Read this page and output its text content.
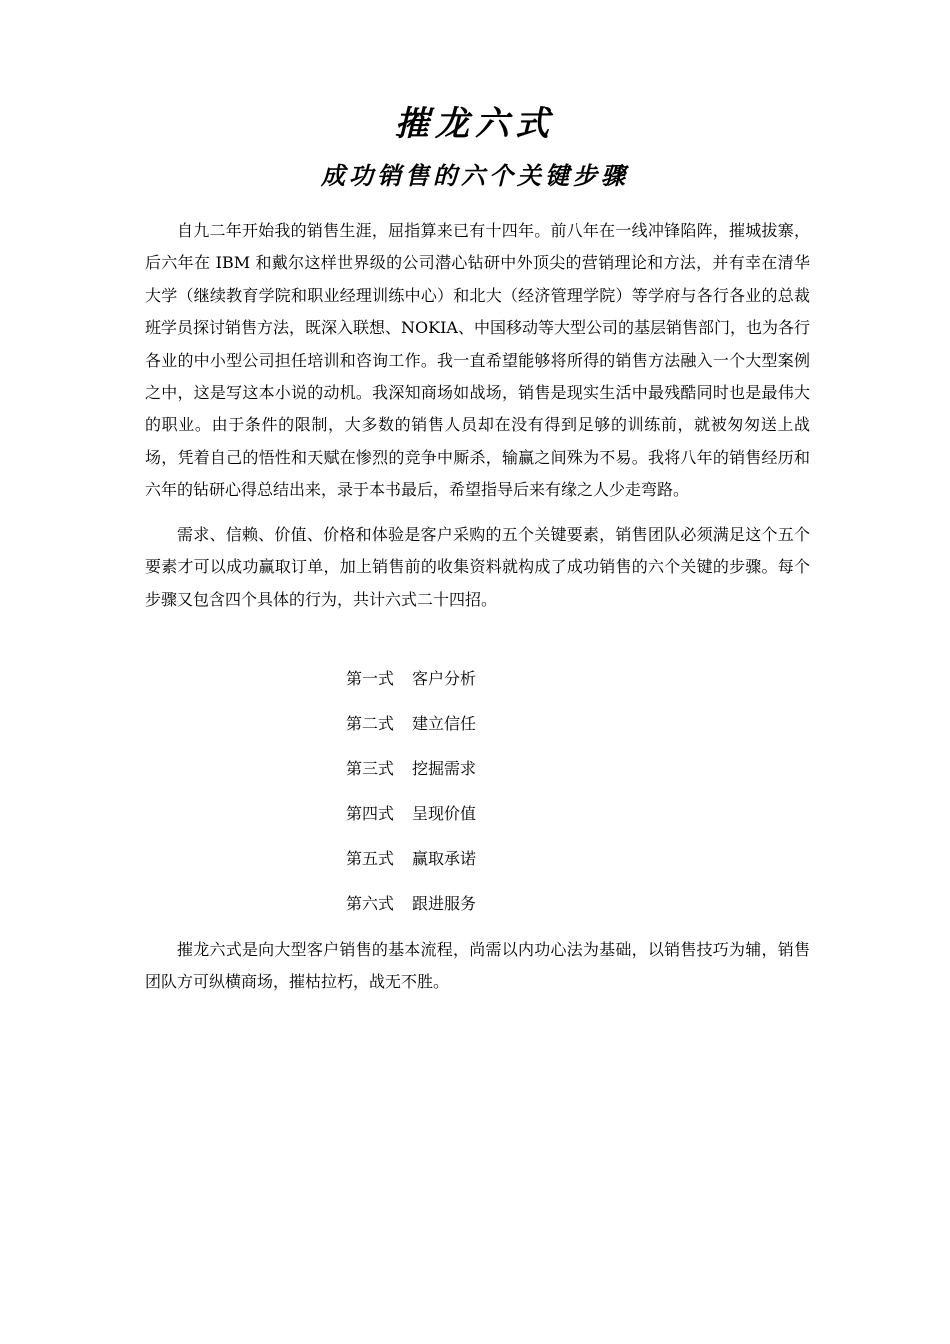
摧龙六式
成功销售的六个关键步骤

自九二年开始我的销售生涯，屈指算来已有十四年。前八年在一线冲锋陷阵，摧城拔寨，后六年在 IBM 和戴尔这样世界级的公司潜心钻研中外顶尖的营销理论和方法，并有幸在清华大学（继续教育学院和职业经理训练中心）和北大（经济管理学院）等学府与各行各业的总裁班学员探讨销售方法，既深入联想、NOKIA、中国移动等大型公司的基层销售部门，也为各行各业的中小型公司担任培训和咨询工作。我一直希望能够将所得的销售方法融入一个大型案例之中，这是写这本小说的动机。我深知商场如战场，销售是现实生活中最残酷同时也是最伟大的职业。由于条件的限制，大多数的销售人员却在没有得到足够的训练前，就被匆匆送上战场，凭着自己的悟性和天赋在惨烈的竞争中厮杀，输赢之间殊为不易。我将八年的销售经历和六年的钻研心得总结出来，录于本书最后，希望指导后来有缘之人少走弯路。

需求、信赖、价值、价格和体验是客户采购的五个关键要素，销售团队必须满足这个五个要素才可以成功赢取订单，加上销售前的收集资料就构成了成功销售的六个关键的步骤。每个步骤又包含四个具体的行为，共计六式二十四招。

第一式 客户分析
第二式 建立信任
第三式 挖掘需求
第四式 呈现价值
第五式 赢取承诺
第六式 跟进服务

摧龙六式是向大型客户销售的基本流程，尚需以内功心法为基础，以销售技巧为辅，销售团队方可纵横商场，摧枯拉朽，战无不胜。
